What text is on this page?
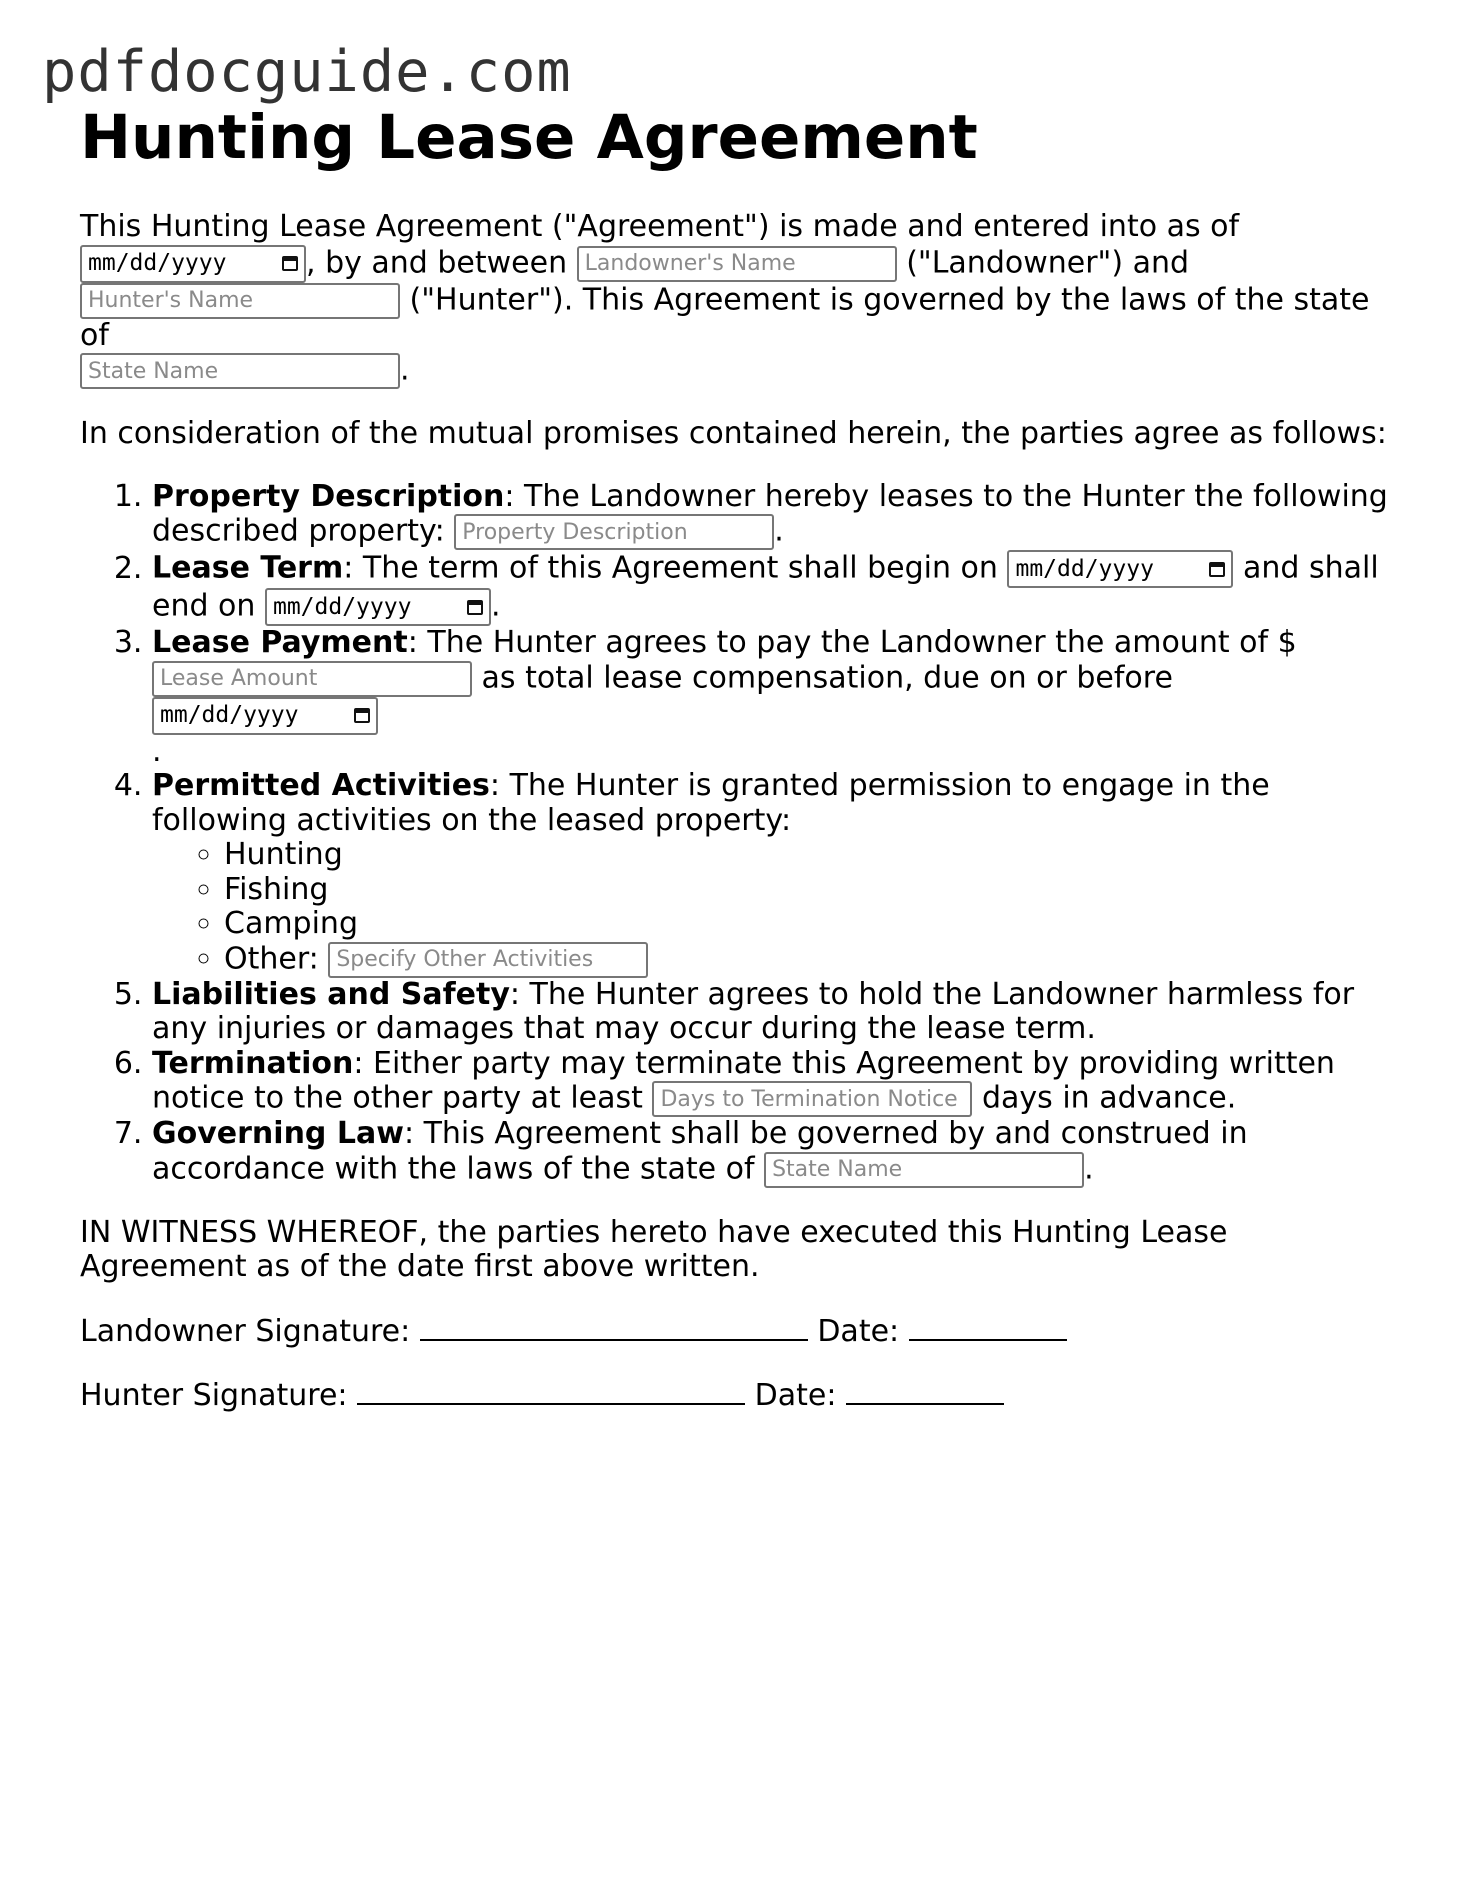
pdfdocguide.com
Hunting Lease Agreement

This Hunting Lease Agreement ("Agreement") is made and entered into as of

mm/dd/yyyy	, by and between Landowner's Name	("Landowner") and
Hunter's Name ("Hunter"). This Agreement is governed by the laws of the state of
State Name.

In consideration of the mutual promises contained herein, the parties agree as follows:

1. Property Description: The Landowner hereby leases to the Hunter the following described property: Property Description	.
2. Lease Term: The term of this Agreement shall begin on mm/dd/yyyy	and shall end on mm/dd/yyyy	.
3. Lease Payment: The Hunter agrees to pay the Landowner the amount of $
Lease Amount as total lease compensation, due on or before
mm/dd/yyyy

.
4. Permitted Activities: The Hunter is granted permission to engage in the following activities on the leased property:
◦ Hunting
◦ Fishing
◦ Camping
◦ Other: Specify Other Activities
5. Liabilities and Safety: The Hunter agrees to hold the Landowner harmless for any injuries or damages that may occur during the lease term.
6. Termination: Either party may terminate this Agreement by providing written notice to the other party at least Days to Termination Notice	days in advance.
7. Governing Law: This Agreement shall be governed by and construed in accordance with the laws of the state of State Name	.

IN WITNESS WHEREOF, the parties hereto have executed this Hunting Lease Agreement as of the date first above written.

Landowner Signature:	Date:

Hunter Signature:	Date:
